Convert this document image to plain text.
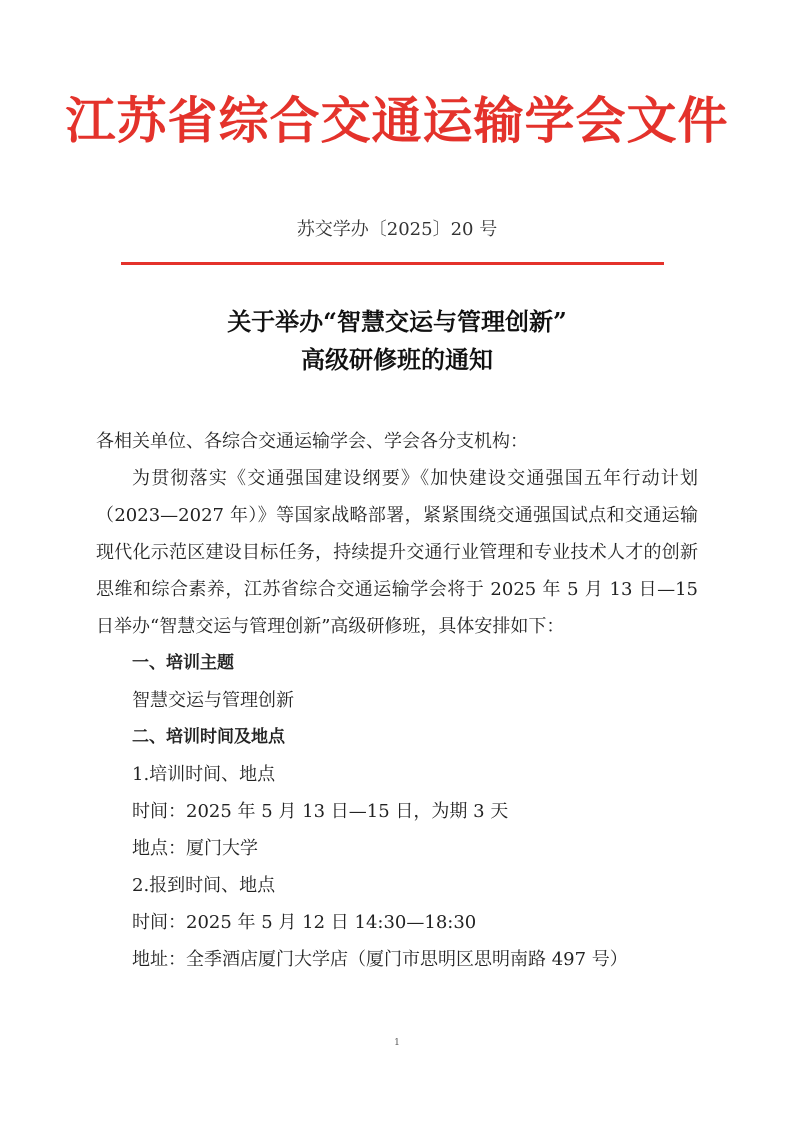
江苏省综合交通运输学会文件
苏交学办〔2025〕20 号
关于举办“智慧交运与管理创新”
高级研修班的通知

各相关单位、各综合交通运输学会、学会各分支机构：

为贯彻落实《交通强国建设纲要》《加快建设交通强国五年行动计划（2023—2027 年）》等国家战略部署，紧紧围绕交通强国试点和交通运输现代化示范区建设目标任务，持续提升交通行业管理和专业技术人才的创新思维和综合素养，江苏省综合交通运输学会将于 2025 年 5 月 13 日—15 日举办“智慧交运与管理创新”高级研修班，具体安排如下：

一、培训主题

智慧交运与管理创新

二、培训时间及地点

1.培训时间、地点

时间：2025 年 5 月 13 日—15 日，为期 3 天

地点：厦门大学

2.报到时间、地点

时间：2025 年 5 月 12 日 14:30—18:30

地址：全季酒店厦门大学店（厦门市思明区思明南路 497 号）

1
